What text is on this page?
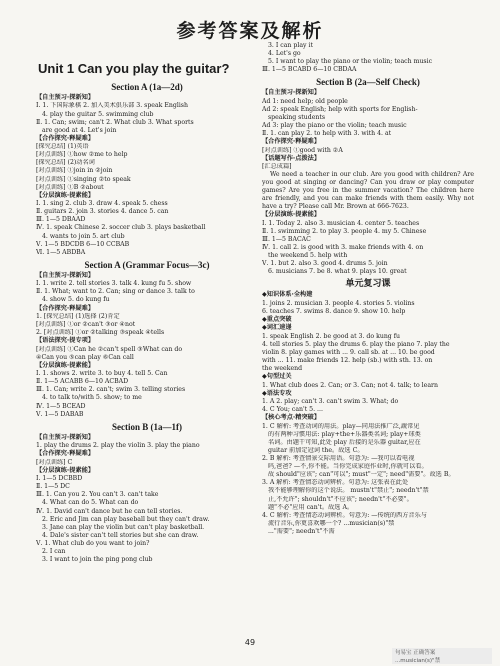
参考答案及解析
Unit 1 Can you play the guitar?
Section A (1a—2d)
【自主预习·探新知】
Ⅰ. 1. 下国际象棋 2. 加入美术俱乐部 3. speak English
4. play the guitar 5. swimming club
Ⅱ. 1. Can; swim; can't 2. What club 3. What sports
are good at 4. Let's join
【合作探究·释疑难】
[探究总结] (1)英语
[对点训练] ①how ②me to help
[探究总结] (2)动名词
[对点训练] ①join in ②join
[对点训练] ①singing ②to speak
[对点训练] ①B ②about
【分层演练·提素能】
Ⅰ. 1. sing 2. club 3. draw 4. speak 5. chess
Ⅱ. guitars 2. join 3. stories 4. dance 5. can
Ⅲ. 1—5 DBAAD
Ⅳ. 1. speak Chinese 2. soccer club 3. plays basketball
4. wants to join 5. art club
Ⅴ. 1—5 BDCDB 6—10 CCBAB
Ⅵ. 1—5 ABDBA
Section A (Grammar Focus—3c)
【自主预习·探新知】
Ⅰ. 1. write 2. tell stories 3. talk 4. kung fu 5. show
Ⅱ. 1. What; want to 2. Can; sing or dance 3. talk to
4. show 5. do kung fu
【合作探究·释疑难】
1. [探究总结] (1)选择 (2)肯定
[对点训练] ①or ②can't ③or ④not
2. [对点训练] ①or ②talking ③speak ④tells
【语法探究·提专项】
[对点训练] ①Can he ②can't spell ③What can do
④Can you ⑤can play ⑥Can call
【分层演练·提素能】
Ⅰ. 1. shows 2. write 3. to buy 4. tell 5. Can
Ⅱ. 1—5 ACABB 6—10 ACBAD
Ⅲ. 1. Can; write 2. can't; swim 3. telling stories
4. to talk to/with 5. show; to me
Ⅳ. 1—5 BCEAD
Ⅴ. 1—5 DABAB
Section B (1a—1f)
【自主预习·探新知】
1. play the drums 2. play the violin 3. play the piano
【合作探究·释疑难】
[对点训练] C
【分层演练·提素能】
Ⅰ. 1—5 DCBBD
Ⅱ. 1—5 DC
Ⅲ. 1. Can you 2. You can't 3. can't take
4. What can do 5. What can do
Ⅳ. 1. David can't dance but he can tell stories.
2. Eric and Jim can play baseball but they can't draw.
3. Jane can play the violin but can't play basketball.
4. Dale's sister can't tell stories but she can draw.
Ⅴ. 1. What club do you want to join?
2. I can
3. I want to join the ping pong club
3. I can play it
4. Let's go
5. I want to play the piano or the violin; teach music
Ⅲ. 1—5 BCABD 6—10 CBDAA
Section B (2a—Self Check)
【自主预习·探新知】
Ad 1: need help; old people
Ad 2: speak English; help with sports for English-
speaking students
Ad 3: play the piano or the violin; teach music
Ⅱ. 1. can play 2. to help with 3. with 4. at
【合作探究·释疑难】
[对点训练] ①good with ②A
【话题写作·点拨法】
[汇总成篇]
We need a teacher in our club. Are you good with children? Are you good at singing or dancing? Can you draw or play computer games? Are you free in the summer vacation? The children here are friendly, and you can make friends with them easily. Why not have a try? Please call Mr. Brown at 666-7623.
【分层演练·提素能】
Ⅰ. 1. Today 2. also 3. musician 4. center 5. teaches
Ⅱ. 1. swimming 2. to play 3. people 4. my 5. Chinese
Ⅲ. 1—5 BACAC
Ⅳ. 1. call 2. is good with 3. make friends with 4. on
the weekend 5. help with
Ⅴ. 1. but 2. also 3. good 4. drums 5. join
6. musicians 7. be 8. what 9. plays 10. great
单元复习课
◆知识体系·全构建
1. joins 2. musician 3. people 4. stories 5. violins
6. teaches 7. swims 8. dance 9. show 10. help
◆重点突破
◆词汇速递
1. speak English 2. be good at 3. do kung fu
4. tell stories 5. play the drums 6. play the piano 7. play the
violin 8. play games with ... 9. call sb. at ... 10. be good
with ... 11. make friends 12. help (sb.) with sth. 13. on
the weekend
◆句型过关
1. What club does 2. Can; or 3. Can; not 4. talk; to learn
◆语法专攻
1. A 2. play; can't 3. can't swim 3. What; do
4. C You; can't 5. ...
【核心考点·精突破】
1. C 解析: 考查动词的用法。play—同用法推广泛,蔬常见
的有两种习惯用法: play+the+乐器类名词; play+球类
名词。由题干可知,此处 play 后接的是乐器 guitar,应在
guitar 前加定冠词 the。故选 C。
2. B 解析: 考查情景交际用语。句意为: —我可以看电视
吗,爸爸? —不,你不能。当你完成家庭作业时,你就可以看。
故 should"应该"; can"可以"; must"一定"; need"需要"。故选 B。
3. A 解析: 考查情态动词辨析。句意为: 这张表在此处
我不能够理解你的这个说法。 mustn't"禁止"; needn't"禁
止,不允许"; shouldn't"不应该"; needn't"不必要"。
题"不必"应用 can't。故选 A。
4. C 解析: 考查情态动词辨析。句意为: —传统的西方音乐与
流行音乐,你更喜欢哪一个? ...musician(s)"禁
..."需要"; needn't"不需
49
句易宝 正确答案
...musician(s)"禁
